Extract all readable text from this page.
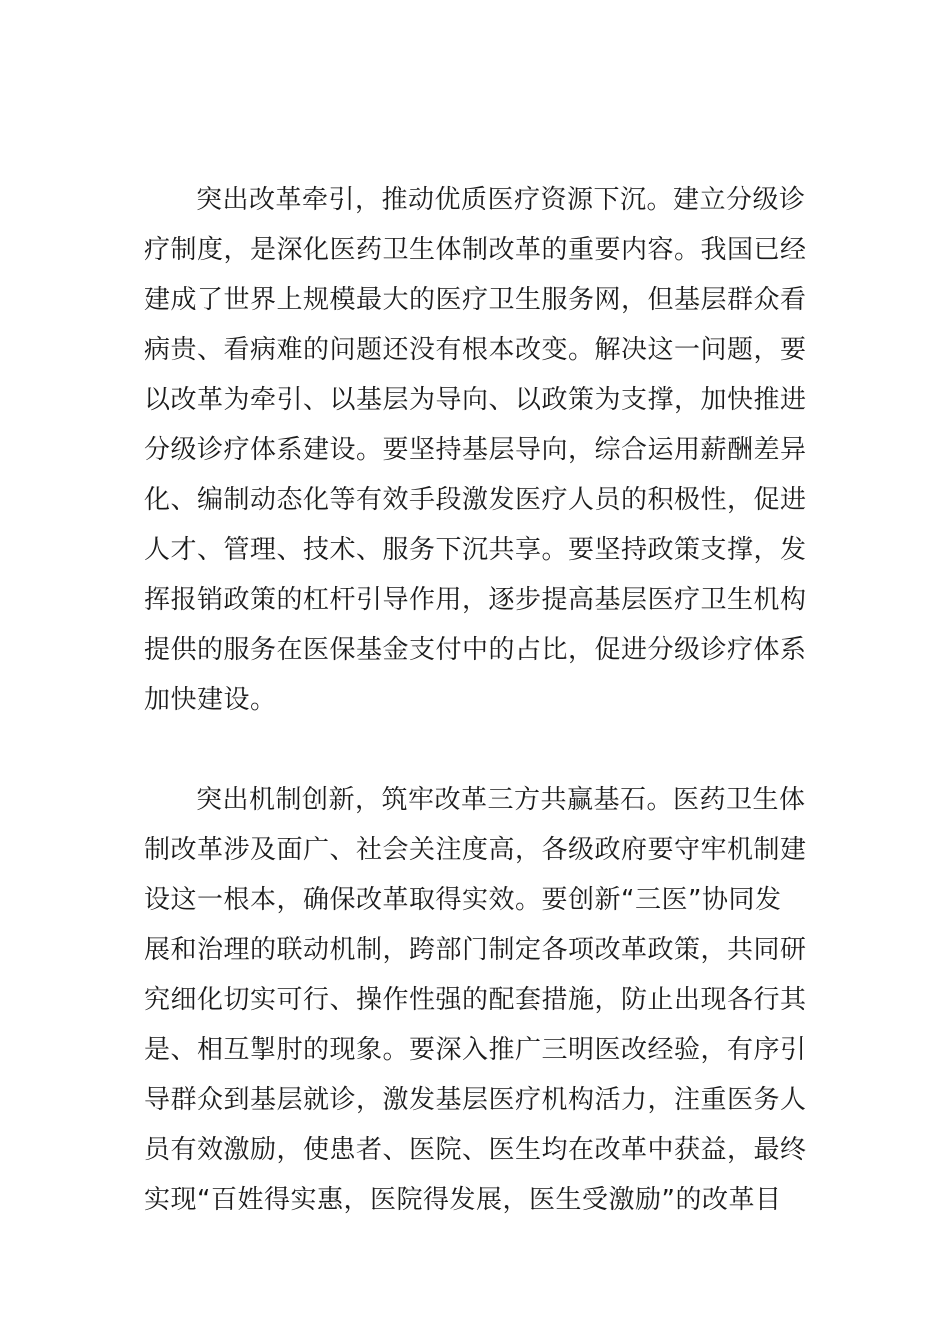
突出改革牵引，推动优质医疗资源下沉。建立分级诊
疗制度，是深化医药卫生体制改革的重要内容。我国已经
建成了世界上规模最大的医疗卫生服务网，但基层群众看
病贵、看病难的问题还没有根本改变。解决这一问题，要
以改革为牵引、以基层为导向、以政策为支撑，加快推进
分级诊疗体系建设。要坚持基层导向，综合运用薪酬差异
化、编制动态化等有效手段激发医疗人员的积极性，促进
人才、管理、技术、服务下沉共享。要坚持政策支撑，发
挥报销政策的杠杆引导作用，逐步提高基层医疗卫生机构
提供的服务在医保基金支付中的占比，促进分级诊疗体系
加快建设。
突出机制创新，筑牢改革三方共赢基石。医药卫生体
制改革涉及面广、社会关注度高，各级政府要守牢机制建
设这一根本，确保改革取得实效。要创新“三医”协同发
展和治理的联动机制，跨部门制定各项改革政策，共同研
究细化切实可行、操作性强的配套措施，防止出现各行其
是、相互掣肘的现象。要深入推广三明医改经验，有序引
导群众到基层就诊，激发基层医疗机构活力，注重医务人
员有效激励，使患者、医院、医生均在改革中获益，最终
实现“百姓得实惠，医院得发展，医生受激励”的改革目
